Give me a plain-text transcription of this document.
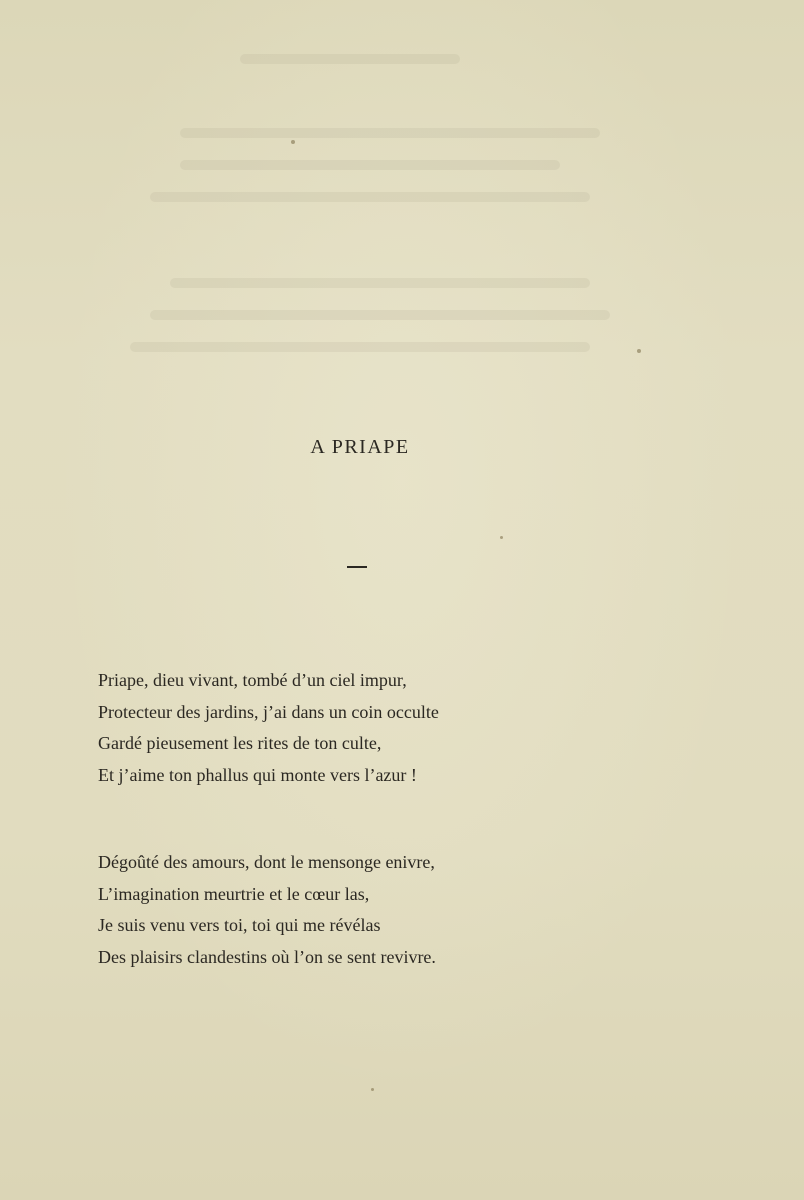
A PRIAPE
Priape, dieu vivant, tombé d’un ciel impur,
Protecteur des jardins, j’ai dans un coin occulte
Gardé pieusement les rites de ton culte,
Et j’aime ton phallus qui monte vers l’azur !
Dégoûté des amours, dont le mensonge enivre,
L’imagination meurtrie et le cœur las,
Je suis venu vers toi, toi qui me révélas
Des plaisirs clandestins où l’on se sent revivre.
